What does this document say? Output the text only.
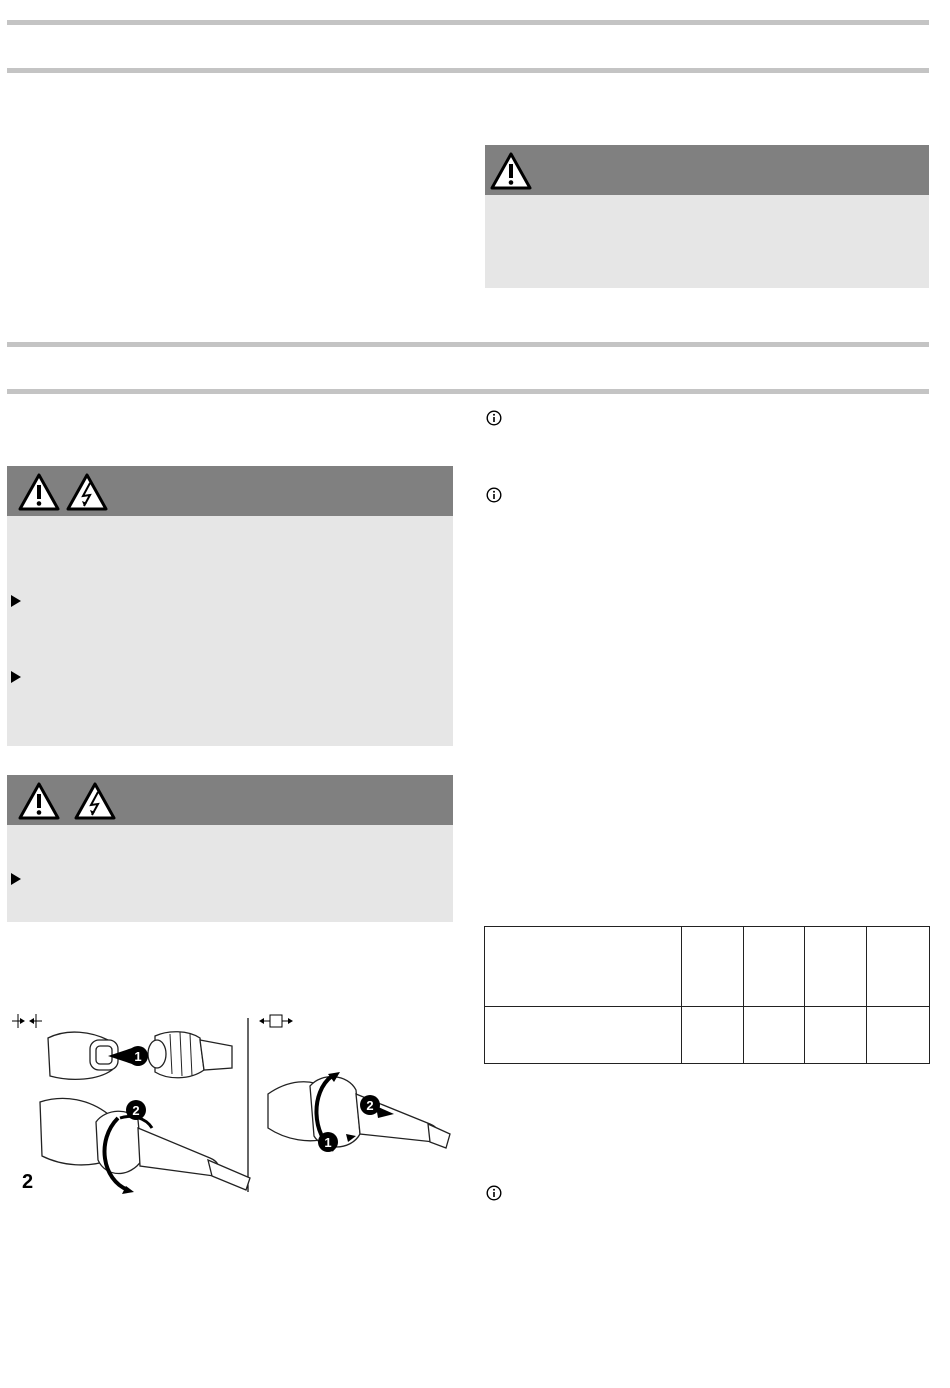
1
2
2
2
1
